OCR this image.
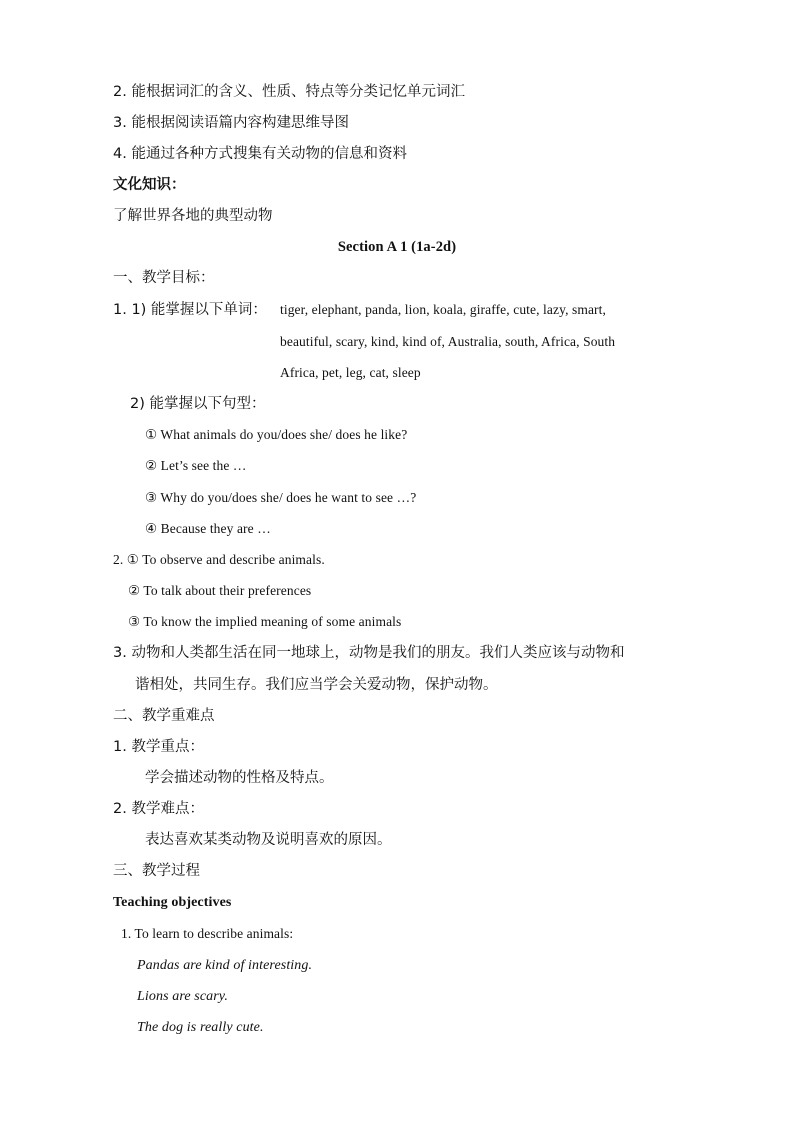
2. 能根据词汇的含义、性质、特点等分类记忆单元词汇
3. 能根据阅读语篇内容构建思维导图
4. 能通过各种方式搜集有关动物的信息和资料
文化知识：
了解世界各地的典型动物
Section A 1 (1a-2d)
一、教学目标：
1. 1) 能掌握以下单词： tiger, elephant, panda, lion, koala, giraffe, cute, lazy, smart,
beautiful, scary, kind, kind of, Australia, south, Africa, South
Africa, pet, leg, cat, sleep
2) 能掌握以下句型：
① What animals do you/does she/ does he like?
② Let’s see the …
③ Why do you/does she/ does he want to see …?
④ Because they are …
2. ① To observe and describe animals.
② To talk about their preferences
③ To know the implied meaning of some animals
3. 动物和人类都生活在同一地球上，动物是我们的朋友。我们人类应该与动物和
谐相处，共同生存。我们应当学会关爱动物，保护动物。
二、教学重难点
1. 教学重点：
学会描述动物的性格及特点。
2. 教学难点：
表达喜欢某类动物及说明喜欢的原因。
三、教学过程
Teaching objectives
1. To learn to describe animals:
Pandas are kind of interesting.
Lions are scary.
The dog is really cute.
